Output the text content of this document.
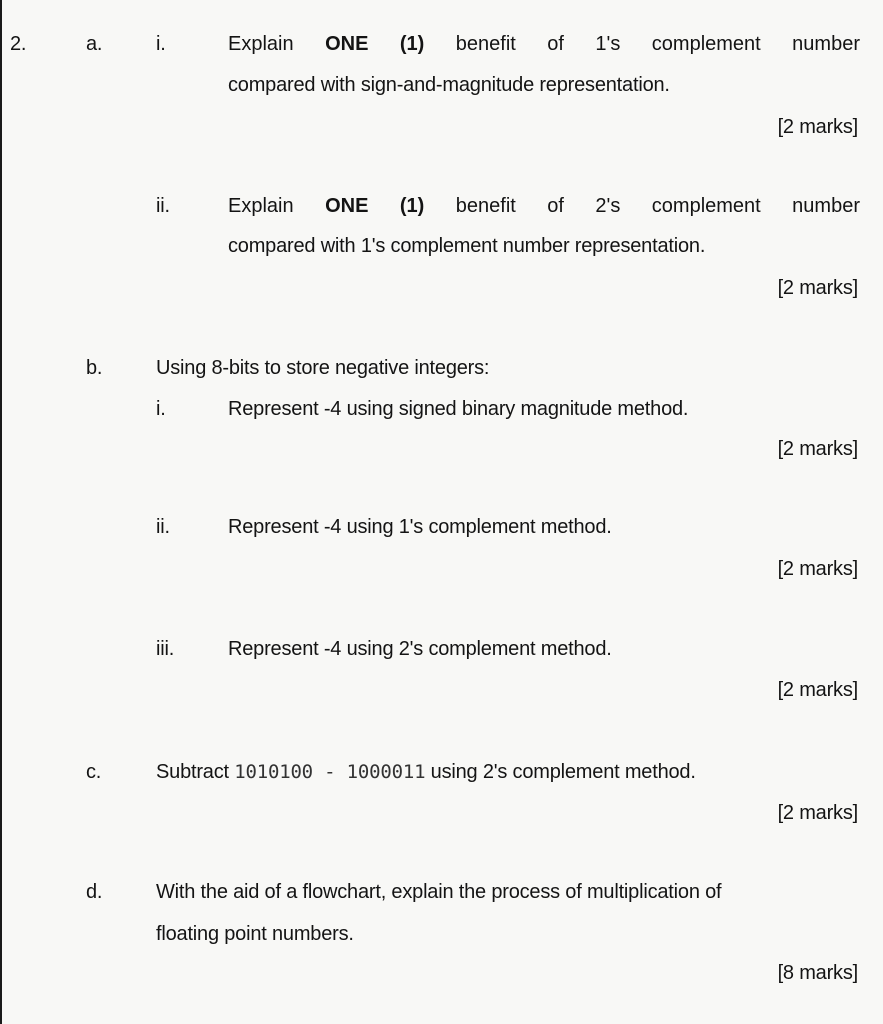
2.	a.	i.	Explain ONE (1) benefit of 1's complement number
compared with sign-and-magnitude representation.
[2 marks]
ii.	Explain ONE (1) benefit of 2's complement number
compared with 1's complement number representation.
[2 marks]
b.	Using 8-bits to store negative integers:
i.	Represent -4 using signed binary magnitude method.
[2 marks]
ii.	Represent -4 using 1's complement method.
[2 marks]
iii.	Represent -4 using 2's complement method.
[2 marks]
c.	Subtract 1010100 - 1000011 using 2's complement method.
[2 marks]
d.	With the aid of a flowchart, explain the process of multiplication of
floating point numbers.
[8 marks]
